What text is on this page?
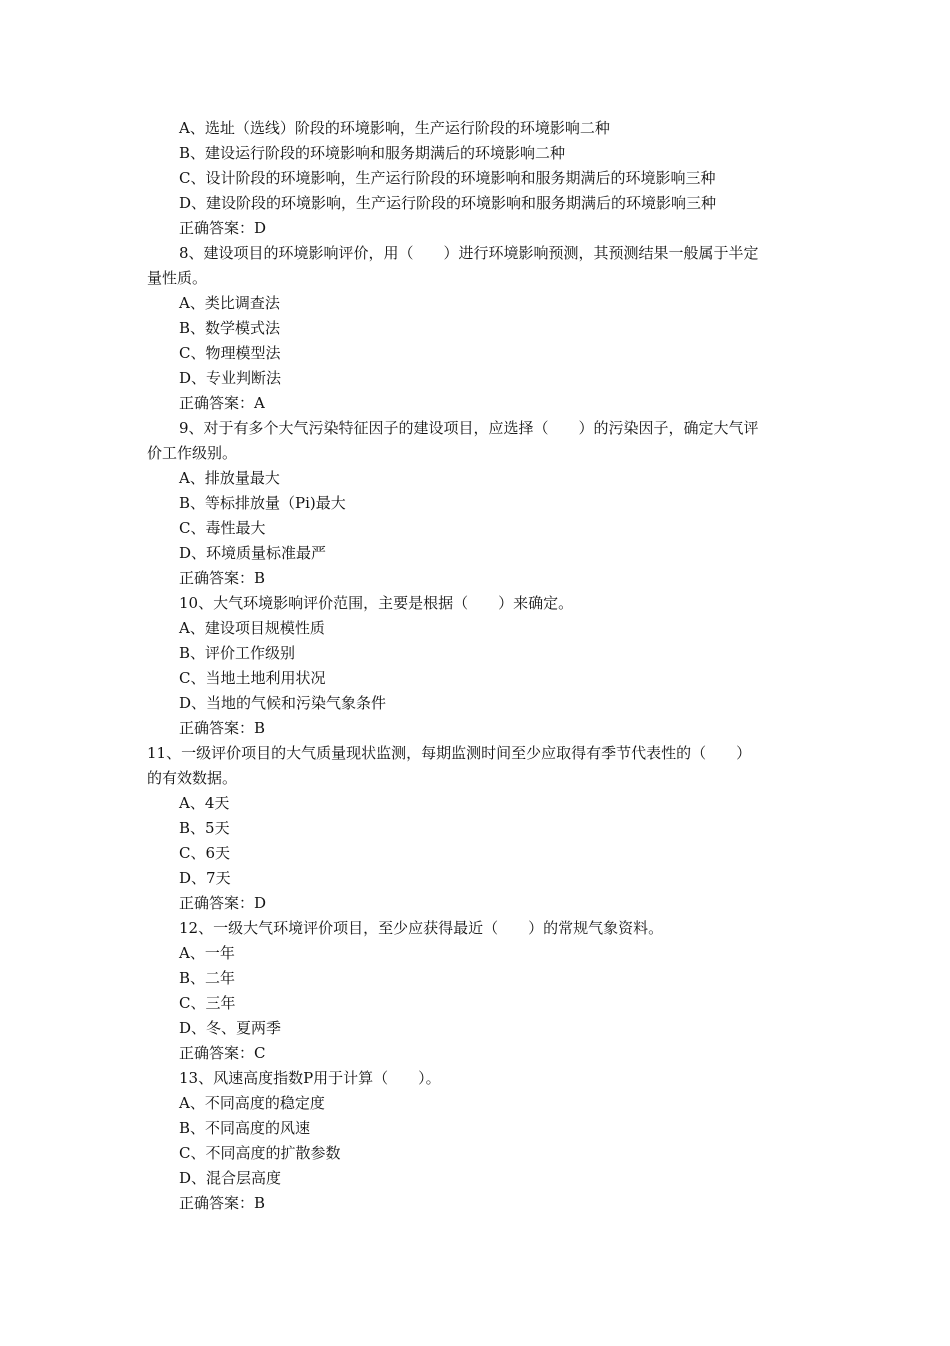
A、选址（选线）阶段的环境影响，生产运行阶段的环境影响二种
B、建设运行阶段的环境影响和服务期满后的环境影响二种
C、设计阶段的环境影响，生产运行阶段的环境影响和服务期满后的环境影响三种
D、建设阶段的环境影响，生产运行阶段的环境影响和服务期满后的环境影响三种
正确答案：D
8、建设项目的环境影响评价，用（　　）进行环境影响预测，其预测结果一般属于半定
量性质。
A、类比调查法
B、数学模式法
C、物理模型法
D、专业判断法
正确答案：A
9、对于有多个大气污染特征因子的建设项目，应选择（　　）的污染因子，确定大气评
价工作级别。
A、排放量最大
B、等标排放量（Pi)最大
C、毒性最大
D、环境质量标准最严
正确答案：B
10、大气环境影响评价范围，主要是根据（　　）来确定。
A、建设项目规模性质
B、评价工作级别
C、当地土地利用状况
D、当地的气候和污染气象条件
正确答案：B
11、一级评价项目的大气质量现状监测，每期监测时间至少应取得有季节代表性的（　　）
的有效数据。
A、4天
B、5天
C、6天
D、7天
正确答案：D
12、一级大气环境评价项目，至少应获得最近（　　）的常规气象资料。
A、一年
B、二年
C、三年
D、冬、夏两季
正确答案：C
13、风速高度指数P用于计算（　　）。
A、不同高度的稳定度
B、不同高度的风速
C、不同高度的扩散参数
D、混合层高度
正确答案：B
